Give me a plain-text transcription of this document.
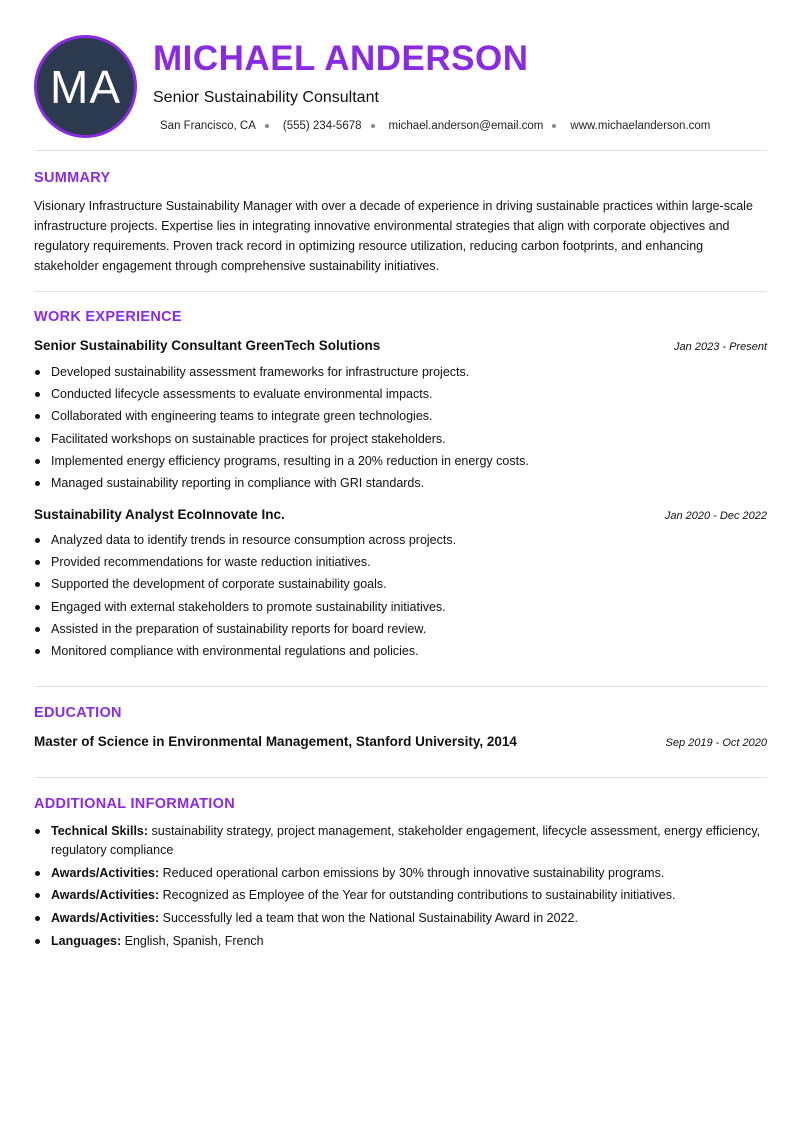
MA
MICHAEL ANDERSON
Senior Sustainability Consultant
San Francisco, CA (555) 234-5678 michael.anderson@email.com www.michaelanderson.com
SUMMARY
Visionary Infrastructure Sustainability Manager with over a decade of experience in driving sustainable practices within large-scale infrastructure projects. Expertise lies in integrating innovative environmental strategies that align with corporate objectives and regulatory requirements. Proven track record in optimizing resource utilization, reducing carbon footprints, and enhancing stakeholder engagement through comprehensive sustainability initiatives.
WORK EXPERIENCE
Senior Sustainability Consultant GreenTech Solutions	Jan 2023 - Present
Developed sustainability assessment frameworks for infrastructure projects.
Conducted lifecycle assessments to evaluate environmental impacts.
Collaborated with engineering teams to integrate green technologies.
Facilitated workshops on sustainable practices for project stakeholders.
Implemented energy efficiency programs, resulting in a 20% reduction in energy costs.
Managed sustainability reporting in compliance with GRI standards.
Sustainability Analyst EcoInnovate Inc.	Jan 2020 - Dec 2022
Analyzed data to identify trends in resource consumption across projects.
Provided recommendations for waste reduction initiatives.
Supported the development of corporate sustainability goals.
Engaged with external stakeholders to promote sustainability initiatives.
Assisted in the preparation of sustainability reports for board review.
Monitored compliance with environmental regulations and policies.
EDUCATION
Master of Science in Environmental Management, Stanford University, 2014	Sep 2019 - Oct 2020
ADDITIONAL INFORMATION
Technical Skills: sustainability strategy, project management, stakeholder engagement, lifecycle assessment, energy efficiency, regulatory compliance
Awards/Activities: Reduced operational carbon emissions by 30% through innovative sustainability programs.
Awards/Activities: Recognized as Employee of the Year for outstanding contributions to sustainability initiatives.
Awards/Activities: Successfully led a team that won the National Sustainability Award in 2022.
Languages: English, Spanish, French
